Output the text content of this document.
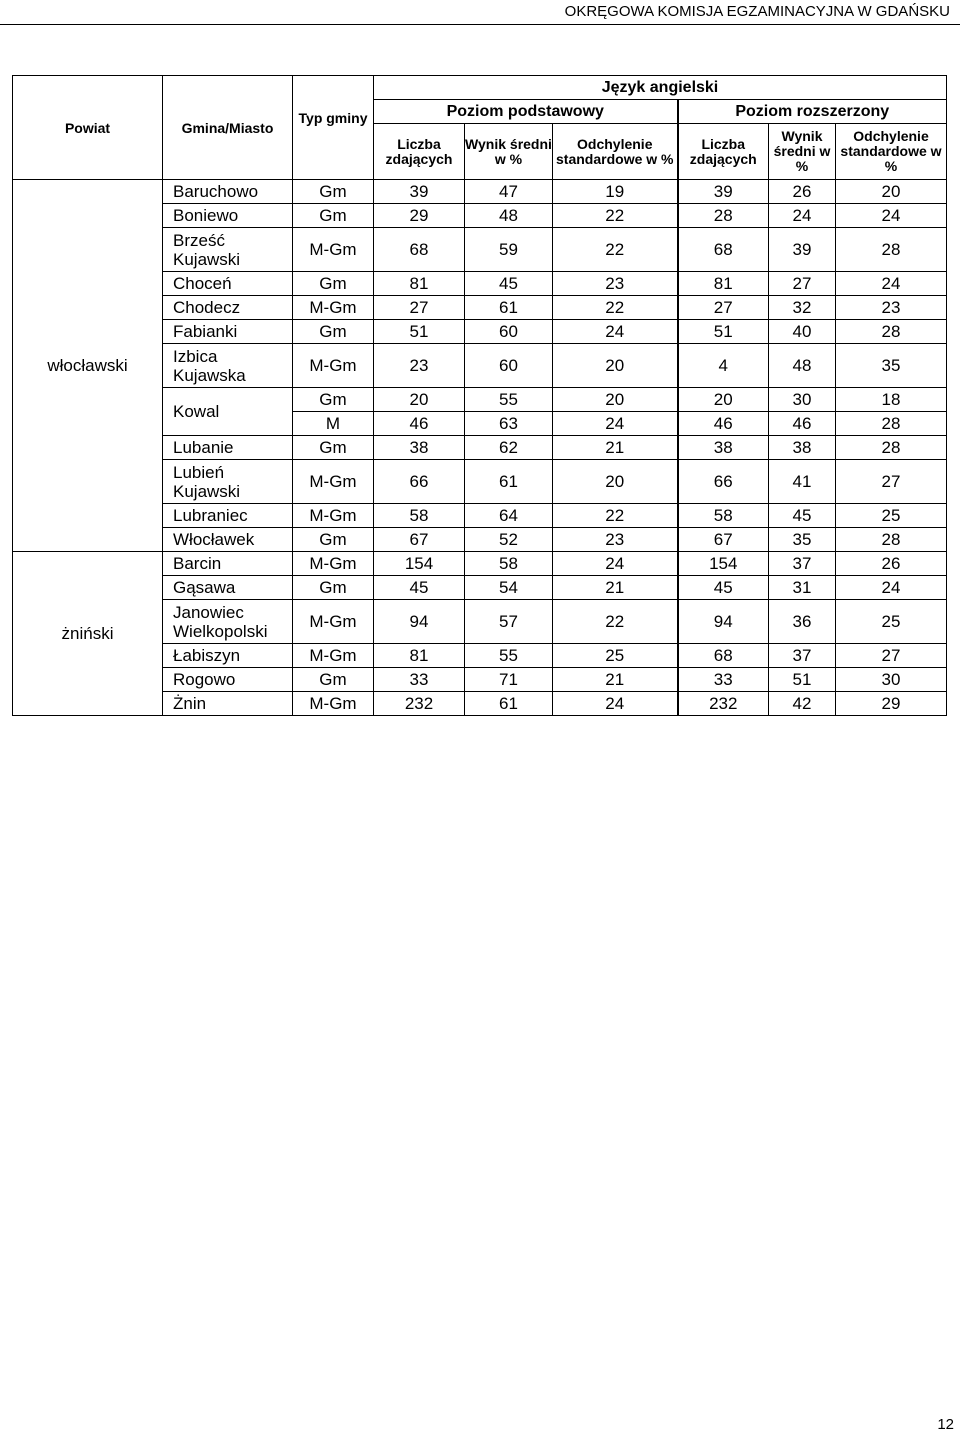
OKRĘGOWA KOMISJA EGZAMINACYJNA W GDAŃSKU
Powiat	Gmina/Miasto	Typ gminy	Język angielski					
			Poziom podstawowy			Poziom rozszerzony		
			Liczba zdających	Wynik średni w %	Odchylenie standardowe w %	Liczba zdających	Wynik średni w %	Odchylenie standardowe w %
włocławski	Baruchowo	Gm	39	47	19	39	26	20
	Boniewo	Gm	29	48	22	28	24	24
	Brześć Kujawski	M-Gm	68	59	22	68	39	28
	Choceń	Gm	81	45	23	81	27	24
	Chodecz	M-Gm	27	61	22	27	32	23
	Fabianki	Gm	51	60	24	51	40	28
	Izbica Kujawska	M-Gm	23	60	20	4	48	35
	Kowal	Gm	20	55	20	20	30	18
		M	46	63	24	46	46	28
	Lubanie	Gm	38	62	21	38	38	28
	Lubień Kujawski	M-Gm	66	61	20	66	41	27
	Lubraniec	M-Gm	58	64	22	58	45	25
	Włocławek	Gm	67	52	23	67	35	28
żniński	Barcin	M-Gm	154	58	24	154	37	26
	Gąsawa	Gm	45	54	21	45	31	24
	Janowiec Wielkopolski	M-Gm	94	57	22	94	36	25
	Łabiszyn	M-Gm	81	55	25	68	37	27
	Rogowo	Gm	33	71	21	33	51	30
	Żnin	M-Gm	232	61	24	232	42	29
12
